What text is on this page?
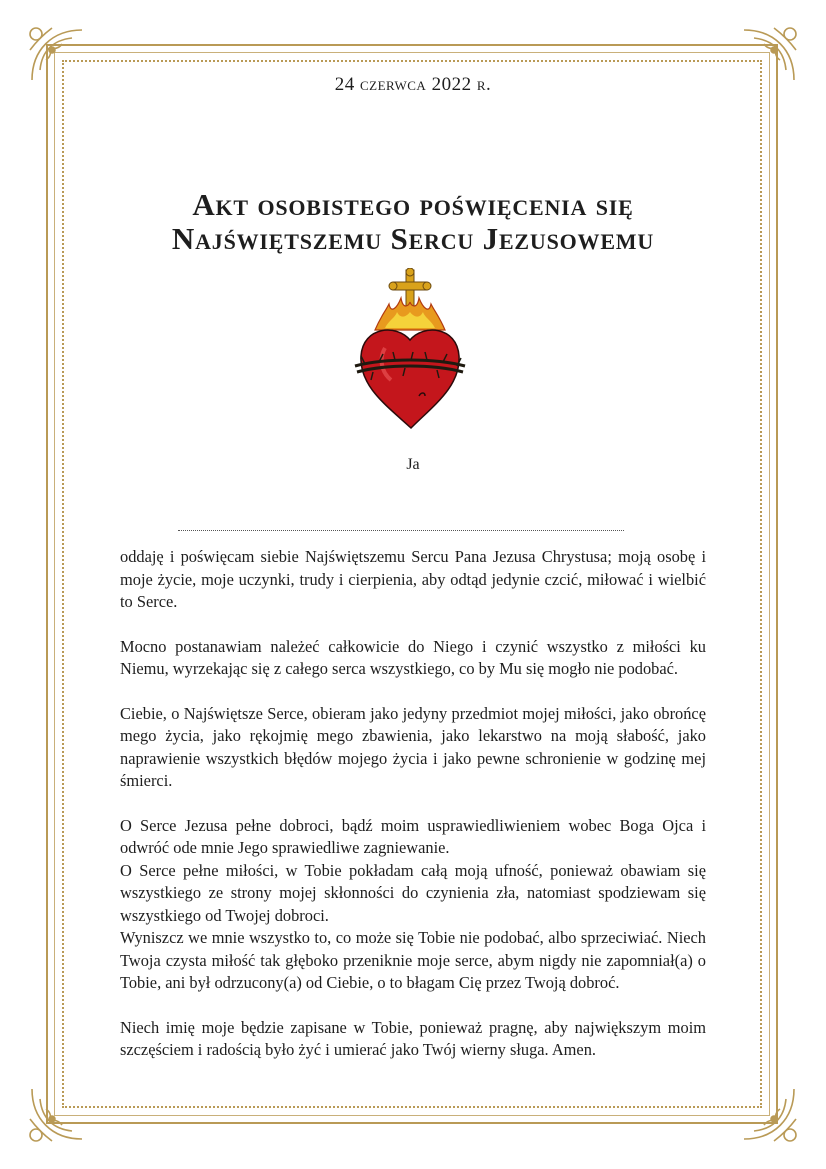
24 czerwca 2022 r.
Akt osobistego poświęcenia się
Najświętszemu Sercu Jezusowemu
Ja

oddaję i poświęcam siebie Najświętszemu Sercu Pana Jezusa Chrystusa; moją osobę i moje życie, moje uczynki, trudy i cierpienia, aby odtąd jedynie czcić, miłować i wielbić to Serce.

Mocno postanawiam należeć całkowicie do Niego i czynić wszystko z miłości ku Niemu, wyrzekając się z całego serca wszystkiego, co by Mu się mogło nie podobać.

Ciebie, o Najświętsze Serce, obieram jako jedyny przedmiot mojej miłości, jako obrońcę mego życia, jako rękojmię mego zbawienia, jako lekarstwo na moją słabość, jako naprawienie wszystkich błędów mojego życia i jako pewne schronienie w godzinę mej śmierci.

O Serce Jezusa pełne dobroci, bądź moim usprawiedliwieniem wobec Boga Ojca i odwróć ode mnie Jego sprawiedliwe zagniewanie.

O Serce pełne miłości, w Tobie pokładam całą moją ufność, ponieważ obawiam się wszystkiego ze strony mojej skłonności do czynienia zła, natomiast spodziewam się wszystkiego od Twojej dobroci.

Wyniszcz we mnie wszystko to, co może się Tobie nie podobać, albo sprzeciwiać. Niech Twoja czysta miłość tak głęboko przeniknie moje serce, abym nigdy nie zapomniał(a) o Tobie, ani był odrzucony(a) od Ciebie, o to błagam Cię przez Twoją dobroć.

Niech imię moje będzie zapisane w Tobie, ponieważ pragnę, aby największym moim szczęściem i radością było żyć i umierać jako Twój wierny sługa. Amen.
